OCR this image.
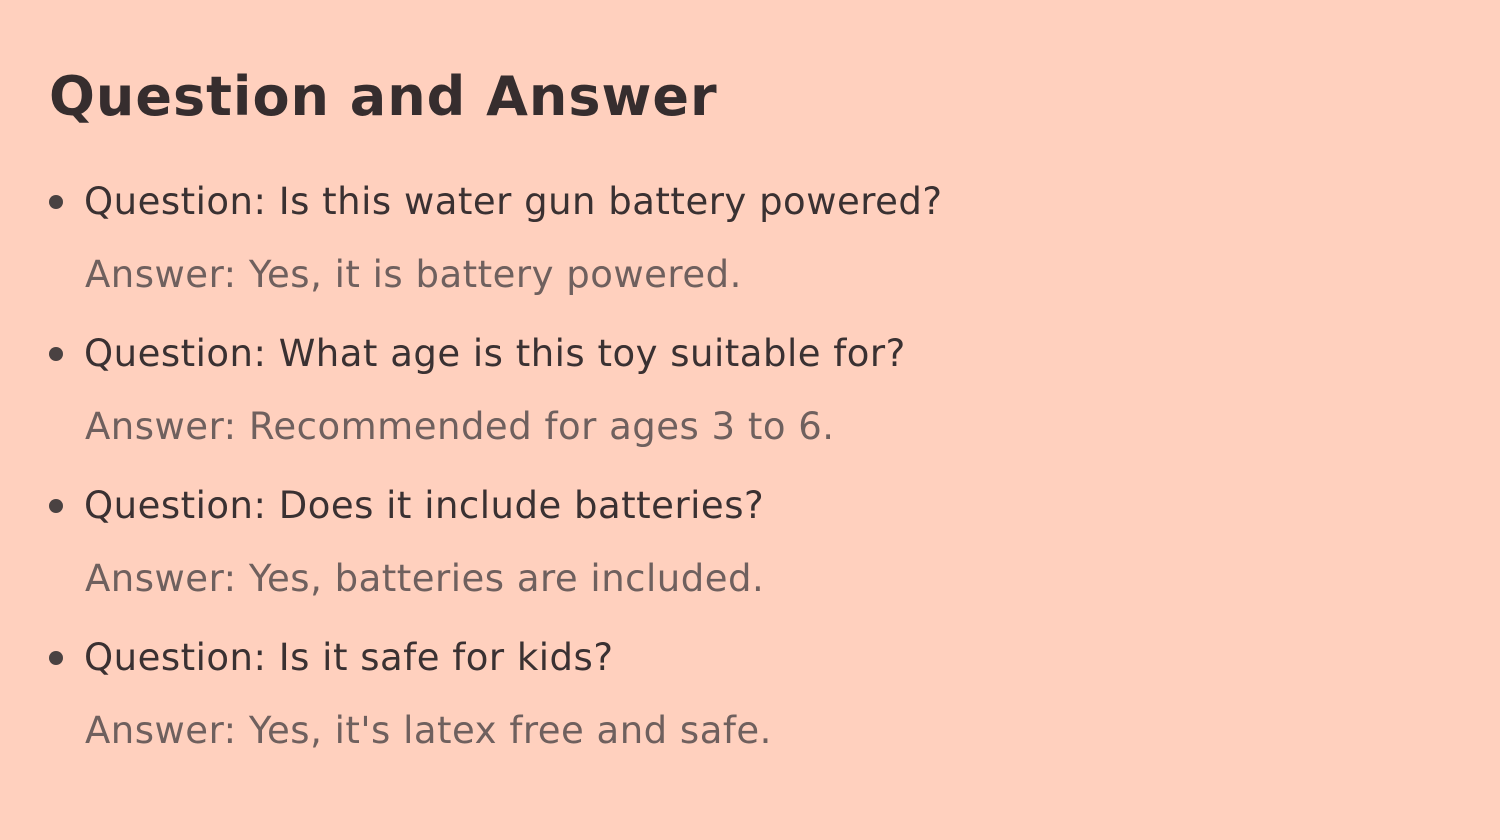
Question and Answer
Question: Is this water gun battery powered?
Answer: Yes, it is battery powered.
Question: What age is this toy suitable for?
Answer: Recommended for ages 3 to 6.
Question: Does it include batteries?
Answer: Yes, batteries are included.
Question: Is it safe for kids?
Answer: Yes, it's latex free and safe.
